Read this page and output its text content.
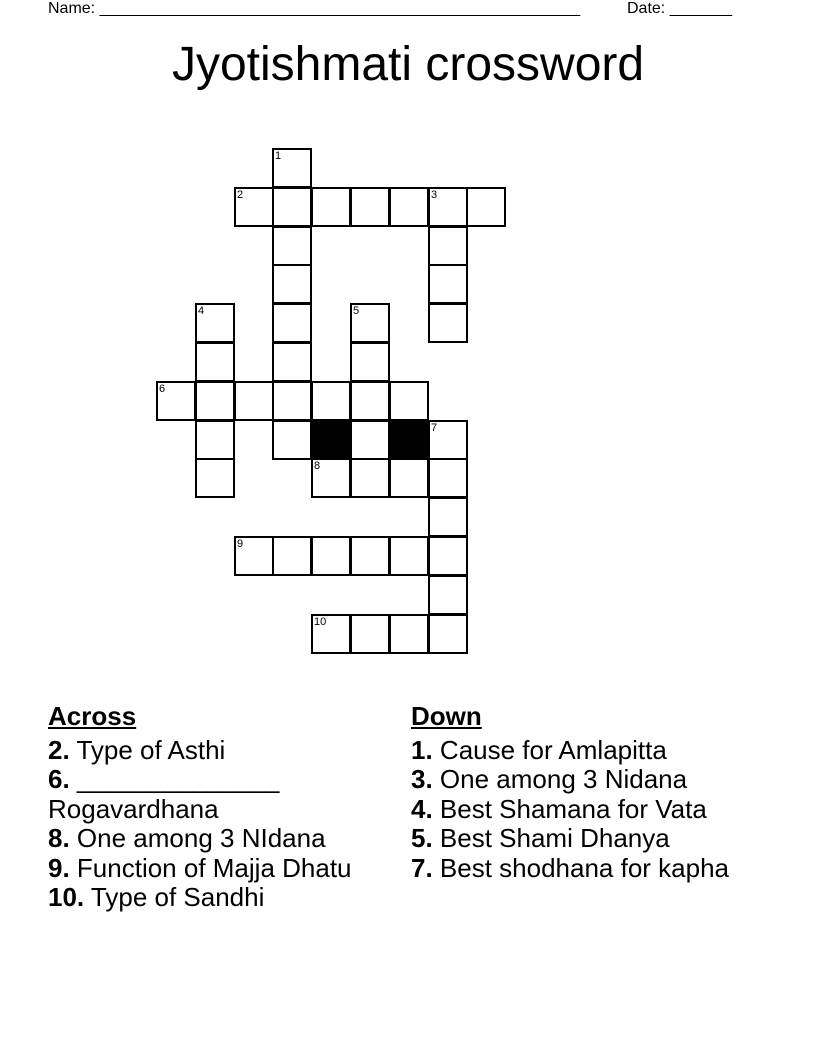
Name: ______________________________________________________	Date: _______
Jyotishmati crossword
1
2	3
4	5
6
7
8
9
10
Across
2. Type of Asthi
6. ______________ Rogavardhana
8. One among 3 NIdana
9. Function of Majja Dhatu
10. Type of Sandhi
Down
1. Cause for Amlapitta
3. One among 3 Nidana
4. Best Shamana for Vata
5. Best Shami Dhanya
7. Best shodhana for kapha
